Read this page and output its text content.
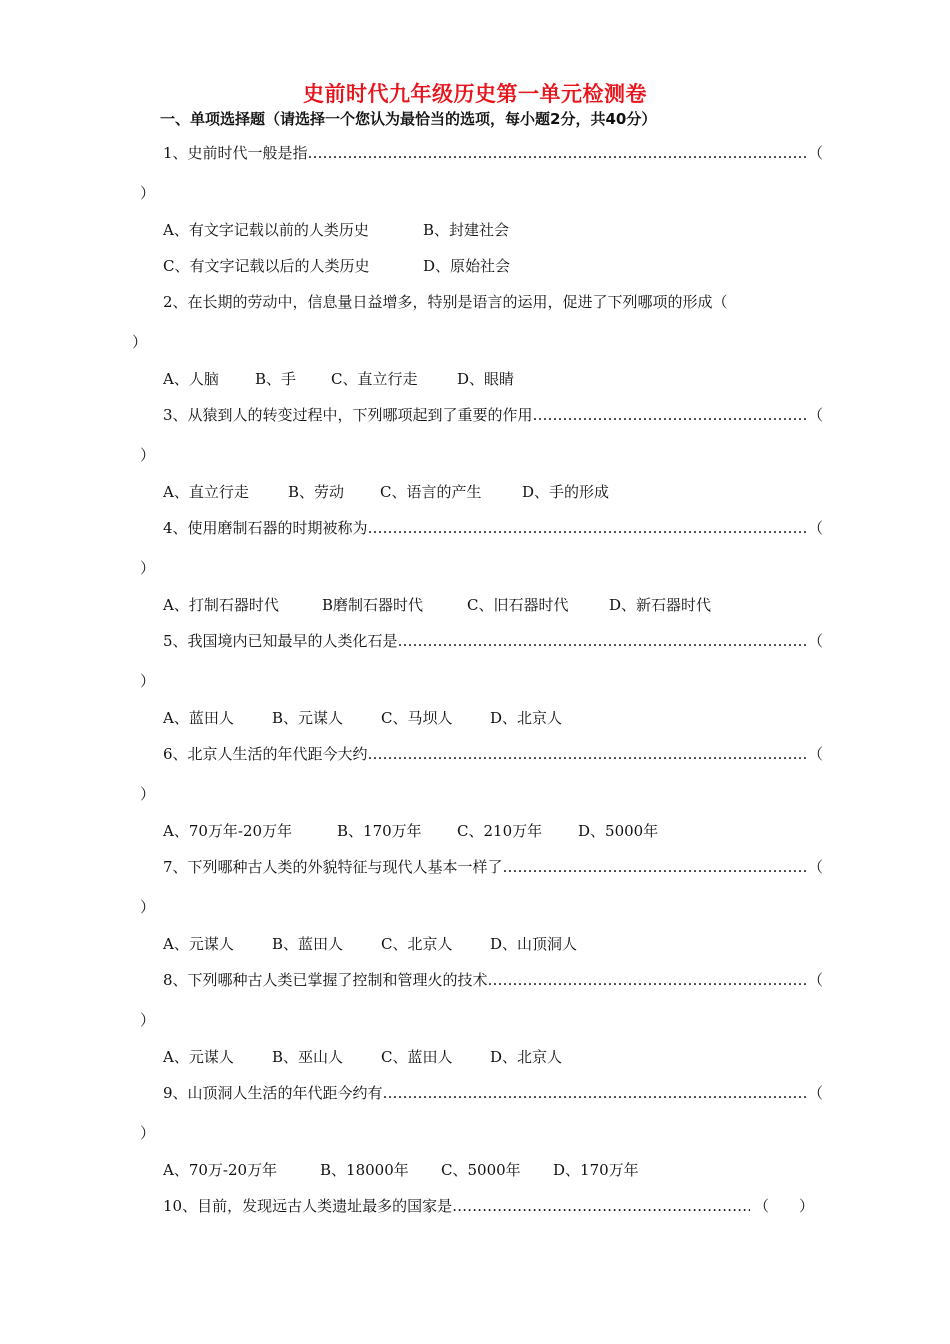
史前时代九年级历史第一单元检测卷
一、单项选择题（请选择一个您认为最恰当的选项，每小题2分，共40分）
1、史前时代一般是指 ……………………………………………………………………………………………………………………………………	（
）
A、有文字记载以前的人类历史	B、封建社会
C、有文字记载以后的人类历史	D、原始社会
2、在长期的劳动中，信息量日益增多，特别是语言的运用，促进了下列哪项的形成（
）
A、人脑 B、手 C、直立行走	D、眼睛
3、从猿到人的转变过程中，下列哪项起到了重要的作用 ……………………………………………………………………………………………………………………………………	（
）
A、直立行走	B、劳动 C、语言的产生	D、手的形成
4、使用磨制石器的时期被称为 ……………………………………………………………………………………………………………………………………	（
）
A、打制石器时代	B磨制石器时代	C、旧石器时代	D、新石器时代
5、我国境内已知最早的人类化石是 ……………………………………………………………………………………………………………………………………	（
）
A、蓝田人	B、元谋人	C、马坝人	D、北京人
6、北京人生活的年代距今大约 ……………………………………………………………………………………………………………………………………	（
）
A、70万年-20万年	B、170万年 C、210万年 D、5000年
7、下列哪种古人类的外貌特征与现代人基本一样了 ……………………………………………………………………………………………………………………………………	（
）
A、元谋人	B、蓝田人	C、北京人	D、山顶洞人
8、下列哪种古人类已掌握了控制和管理火的技术 ……………………………………………………………………………………………………………………………………	（
）
A、元谋人	B、巫山人	C、蓝田人	D、北京人
9、山顶洞人生活的年代距今约有 ……………………………………………………………………………………………………………………………………	（
）
A、70万-20万年	B、18000年 C、5000年 D、170万年
10、目前，发现远古人类遗址最多的国家是 ……………………………………………………………………………………………………………………………………	（　　）
